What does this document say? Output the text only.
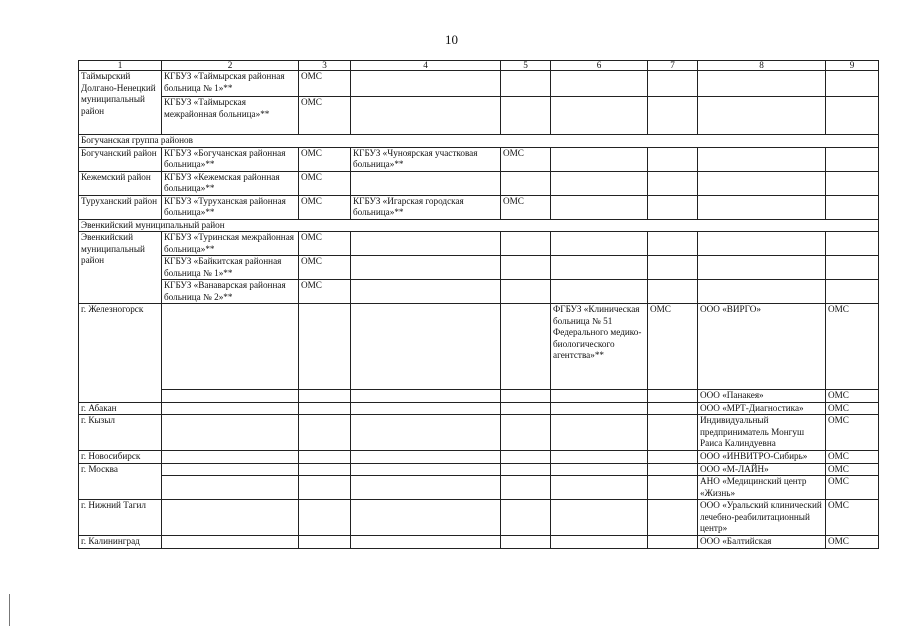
10
1	2	3	4	5	6	7	8	9
Таймырский Долгано-Ненецкий муниципальный район	КГБУЗ «Таймырская районная больница № 1»**	ОМС						
	КГБУЗ «Таймырская межрайонная больница»**	ОМС						
Богучанская группа районов								
Богучанский район	КГБУЗ «Богучанская районная больница»**	ОМС	КГБУЗ «Чуноярская участковая больница»**	ОМС				
Кежемский район	КГБУЗ «Кежемская районная больница»**	ОМС						
Туруханский район	КГБУЗ «Туруханская районная больница»**	ОМС	КГБУЗ «Игарская городская больница»**	ОМС				
Эвенкийский муниципальный район								
Эвенкийский муниципальный район	КГБУЗ «Туринская межрайонная больница»**	ОМС						
	КГБУЗ «Байкитская районная больница № 1»**	ОМС						
	КГБУЗ «Ванаварская районная больница № 2»**	ОМС						
г. Железногорск					ФГБУЗ «Клиническая больница № 51 Федерального медико-биологического агентства»**	ОМС	ООО «ВИРГО»	ОМС
							ООО «Панакея»	ОМС
г. Абакан							ООО «МРТ-Диагностика»	ОМС
г. Кызыл							Индивидуальный предприниматель Монгуш Раиса Калиндуевна	ОМС
г. Новосибирск							ООО «ИНВИТРО-Сибирь»	ОМС
г. Москва							ООО «М-ЛАЙН»	ОМС
							АНО «Медицинский центр «Жизнь»	ОМС
г. Нижний Тагил							ООО «Уральский клинический лечебно-реабилитационный центр»	ОМС
г. Калининград							ООО «Балтийская	ОМС
